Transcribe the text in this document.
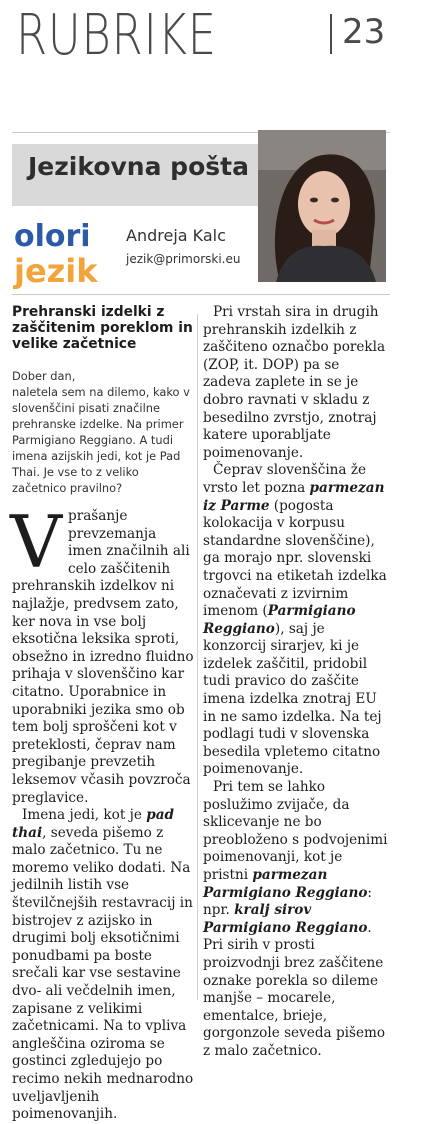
RUBRIKE	23
Jezikovna pošta
olori
jezik
Andreja Kalc
jezik@primorski.eu
Prehranski izdelki z zaščitenim poreklom in velike začetnice

Dober dan,

naletela sem na dilemo, kako v slovenščini pisati značilne prehranske izdelke. Na primer Parmigiano Reggiano. A tudi imena azijskih jedi, kot je Pad Thai. Je vse to z veliko začetnico pravilno?

Vprašanje prevzemanja imen značilnih ali celo zaščitenih prehranskih izdelkov ni najlažje, predvsem zato, ker nova in vse bolj eksotična leksika sproti, obsežno in izredno fluidno prihaja v slovenščino kar citatno. Uporabnice in uporabniki jezika smo ob tem bolj sproščeni kot v preteklosti, čeprav nam pregibanje prevzetih leksemov včasih povzroča preglavice.

Imena jedi, kot je pad thai, seveda pišemo z malo začetnico. Tu ne moremo veliko dodati. Na jedilnih listih vse številčnejših restavracij in bistrojev z azijsko in drugimi bolj eksotičnimi ponudbami pa boste srečali kar vse sestavine dvo- ali večdelnih imen, zapisane z velikimi začetnicami. Na to vpliva angleščina oziroma se gostinci zgledujejo po recimo nekih mednarodno uveljavljenih poimenovanjih.

Pri vrstah sira in drugih prehranskih izdelkih z zaščiteno označbo porekla (ZOP, it. DOP) pa se zadeva zaplete in se je dobro ravnati v skladu z besedilno zvrstjo, znotraj katere uporabljate poimenovanje.

Čeprav slovenščina že vrsto let pozna parmezan iz Parme (pogosta kolokacija v korpusu standardne slovenščine), ga morajo npr. slovenski trgovci na etiketah izdelka označevati z izvirnim imenom (Parmigiano Reggiano), saj je konzorcij sirarjev, ki je izdelek zaščitil, pridobil tudi pravico do zaščite imena izdelka znotraj EU in ne samo izdelka. Na tej podlagi tudi v slovenska besedila vpletemo citatno poimenovanje.

Pri tem se lahko poslužimo zvijače, da sklicevanje ne bo preobloženo s podvojenimi poimenovanji, kot je pristni parmezan Parmigiano Reggiano: npr. kralj sirov Parmigiano Reggiano. Pri sirih v prosti proizvodnji brez zaščitene oznake porekla so dileme manjše – mocarele, ementalce, brieje, gorgonzole seveda pišemo z malo začetnico.
